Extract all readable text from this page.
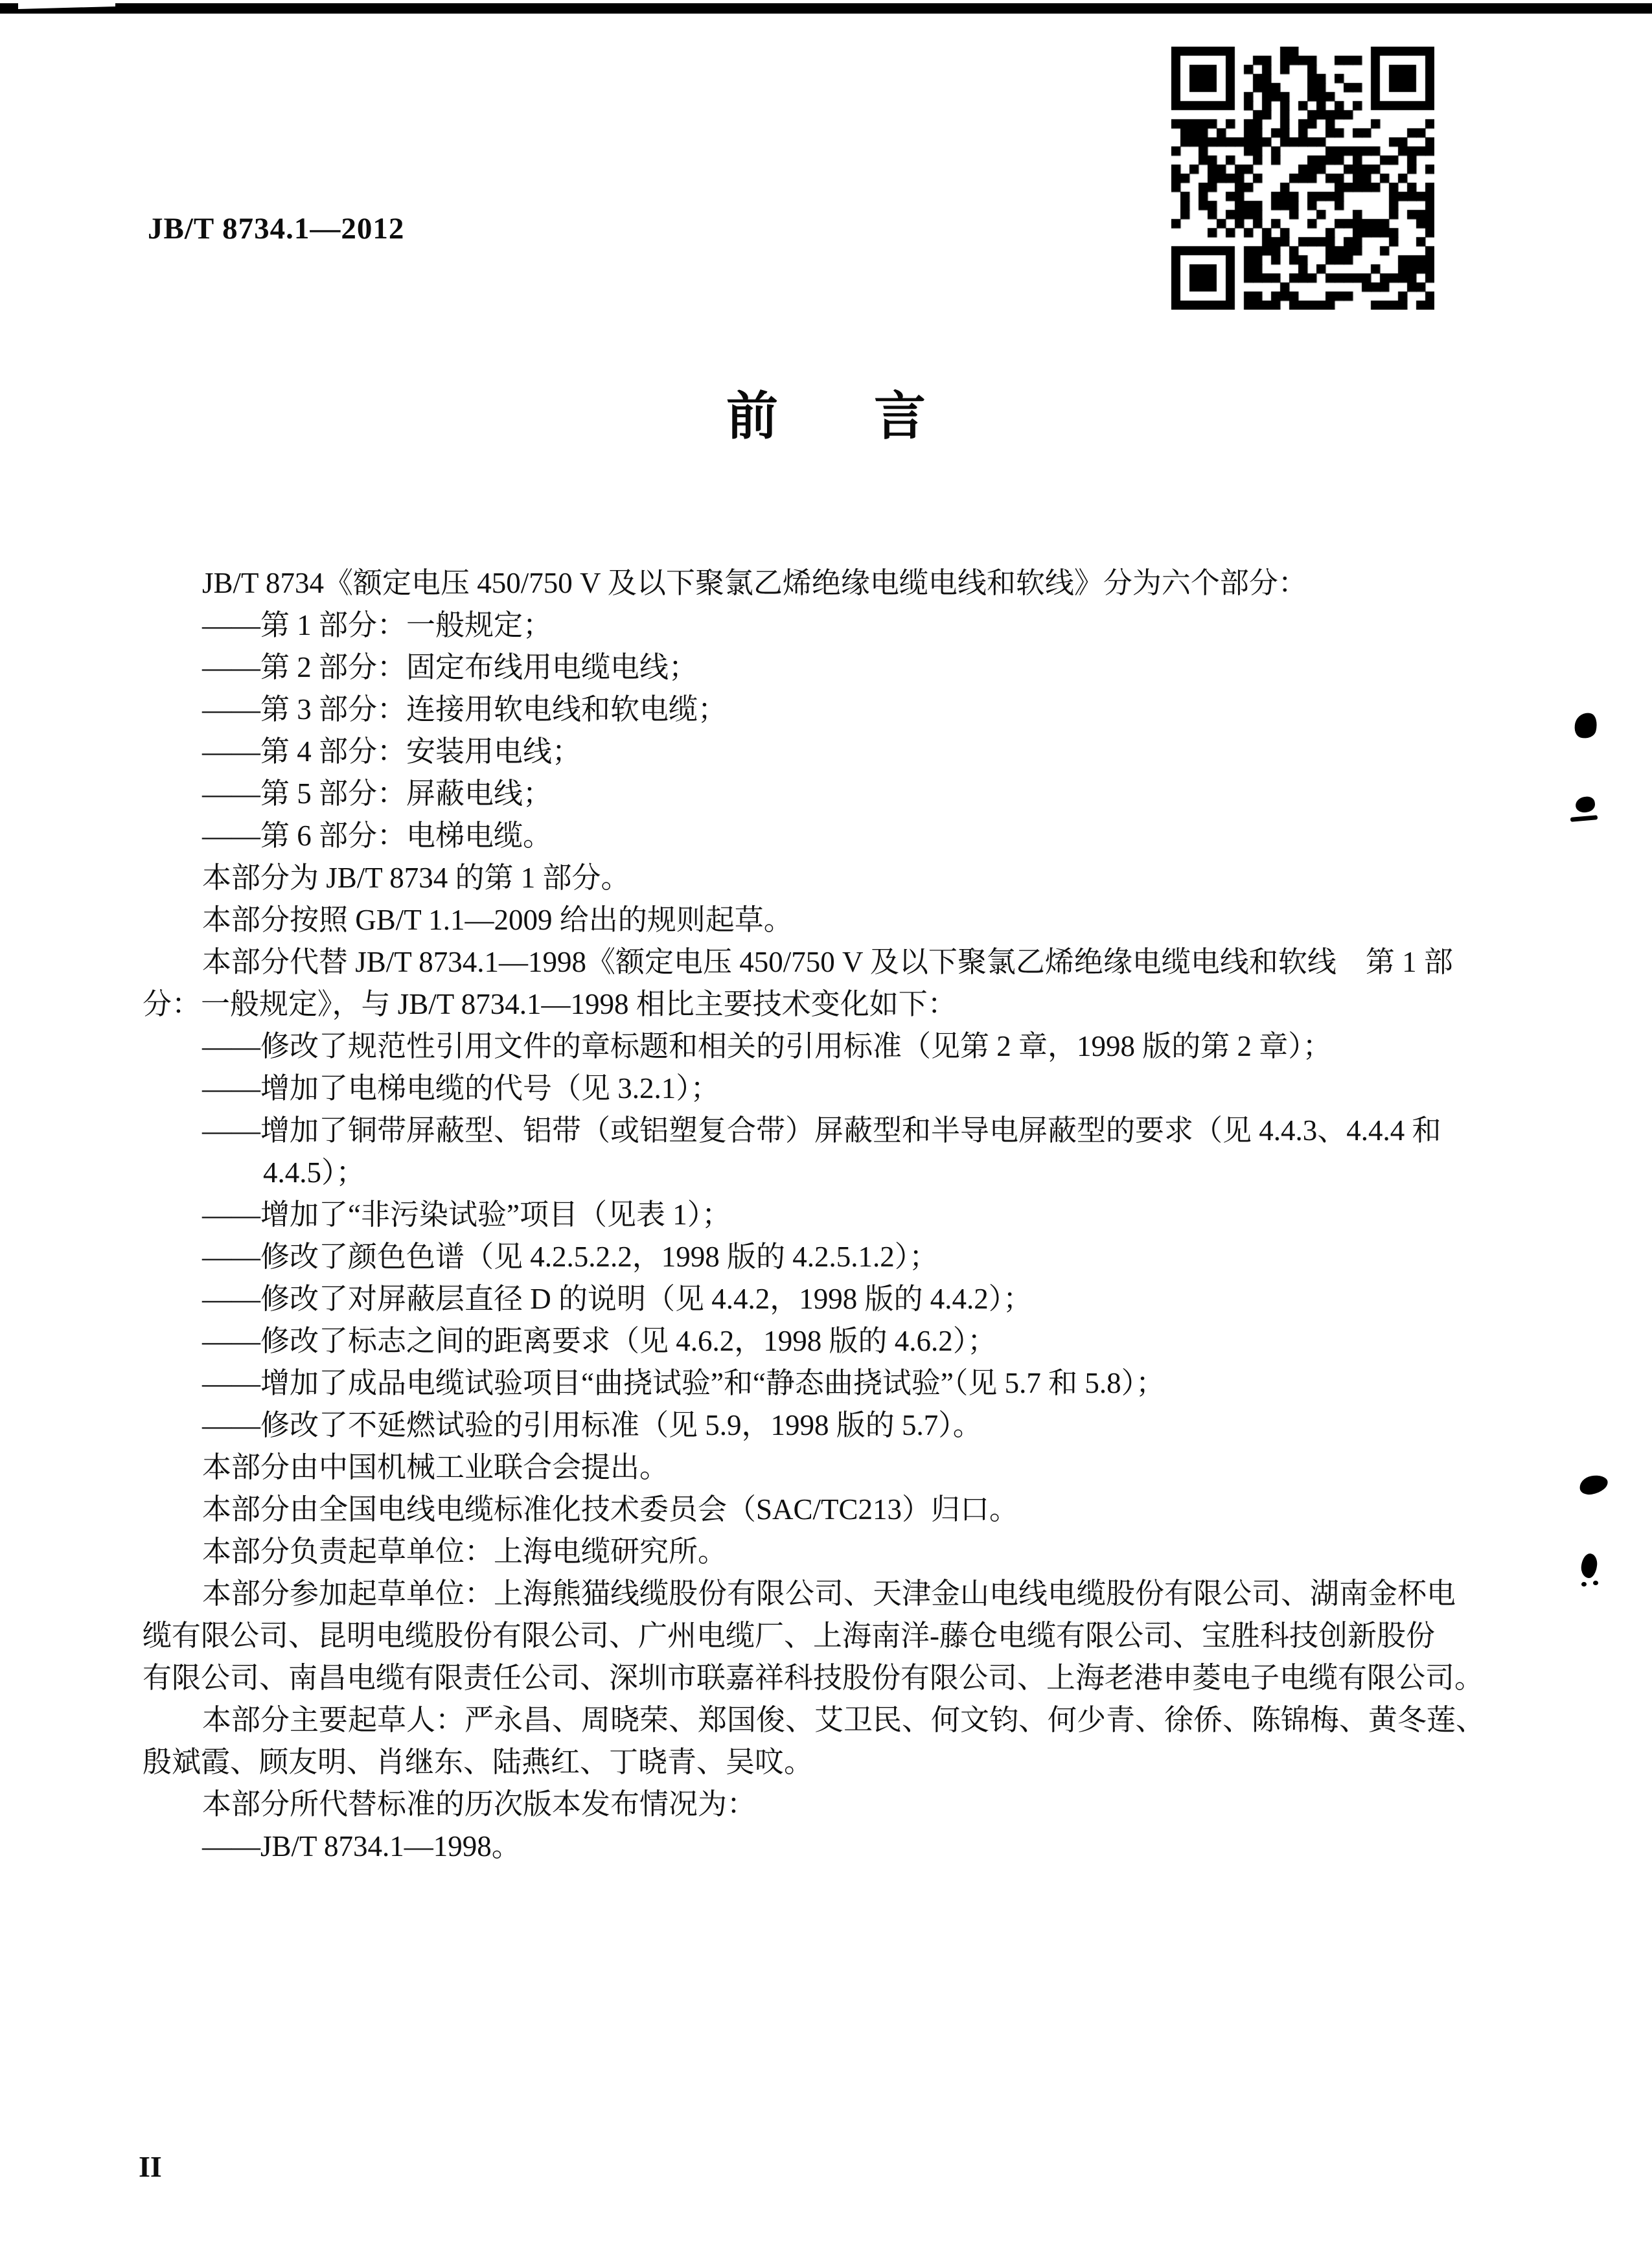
JB/T 8734.1—2012
前 言
JB/T 8734《额定电压 450/750 V 及以下聚氯乙烯绝缘电缆电线和软线》分为六个部分：
——第 1 部分：一般规定；
——第 2 部分：固定布线用电缆电线；
——第 3 部分：连接用软电线和软电缆；
——第 4 部分：安装用电线；
——第 5 部分：屏蔽电线；
——第 6 部分：电梯电缆。
本部分为 JB/T 8734 的第 1 部分。
本部分按照 GB/T 1.1—2009 给出的规则起草。
本部分代替 JB/T 8734.1—1998《额定电压 450/750 V 及以下聚氯乙烯绝缘电缆电线和软线　第 1 部
分：一般规定》，与 JB/T 8734.1—1998 相比主要技术变化如下：
——修改了规范性引用文件的章标题和相关的引用标准（见第 2 章，1998 版的第 2 章）；
——增加了电梯电缆的代号（见 3.2.1）；
——增加了铜带屏蔽型、铝带（或铝塑复合带）屏蔽型和半导电屏蔽型的要求（见 4.4.3、4.4.4 和
4.4.5）；
——增加了“非污染试验”项目（见表 1）；
——修改了颜色色谱（见 4.2.5.2.2，1998 版的 4.2.5.1.2）；
——修改了对屏蔽层直径 D 的说明（见 4.4.2，1998 版的 4.4.2）；
——修改了标志之间的距离要求（见 4.6.2，1998 版的 4.6.2）；
——增加了成品电缆试验项目“曲挠试验”和“静态曲挠试验”（见 5.7 和 5.8）；
——修改了不延燃试验的引用标准（见 5.9，1998 版的 5.7）。
本部分由中国机械工业联合会提出。
本部分由全国电线电缆标准化技术委员会（SAC/TC213）归口。
本部分负责起草单位：上海电缆研究所。
本部分参加起草单位：上海熊猫线缆股份有限公司、天津金山电线电缆股份有限公司、湖南金杯电
缆有限公司、昆明电缆股份有限公司、广州电缆厂、上海南洋-藤仓电缆有限公司、宝胜科技创新股份
有限公司、南昌电缆有限责任公司、深圳市联嘉祥科技股份有限公司、上海老港申菱电子电缆有限公司。
本部分主要起草人：严永昌、周晓荣、郑国俊、艾卫民、何文钧、何少青、徐侨、陈锦梅、黄冬莲、
殷斌霞、顾友明、肖继东、陆燕红、丁晓青、吴呅。
本部分所代替标准的历次版本发布情况为：
——JB/T 8734.1—1998。
II
